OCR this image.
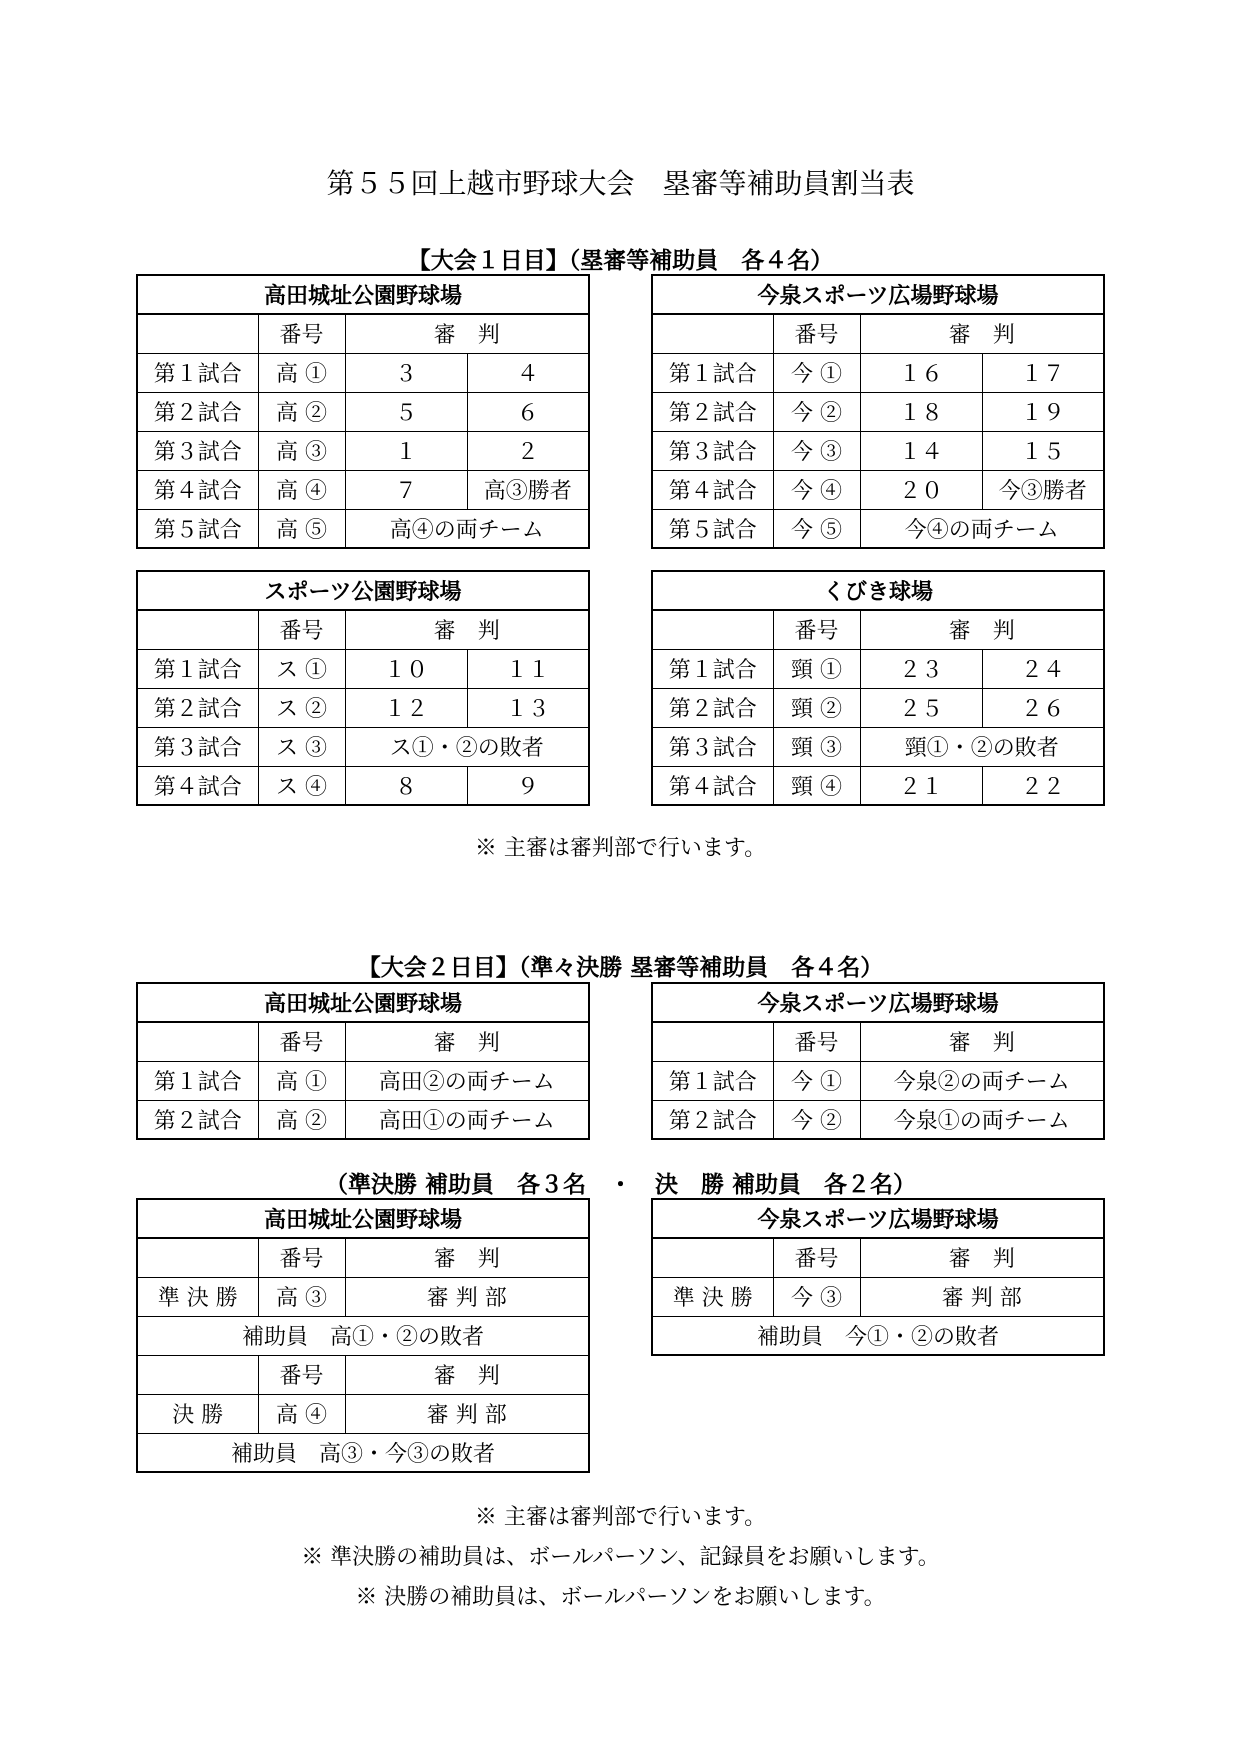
第５５回上越市野球大会　塁審等補助員割当表
【大会１日目】（塁審等補助員　各４名）
高田城址公園野球場			
	番号	審　判	
第１試合	高 ①	３	４
第２試合	高 ②	５	６
第３試合	高 ③	１	２
第４試合	高 ④	７	高③勝者
第５試合	高 ⑤	高④の両チーム	
今泉スポーツ広場野球場			
	番号	審　判	
第１試合	今 ①	１６	１７
第２試合	今 ②	１８	１９
第３試合	今 ③	１４	１５
第４試合	今 ④	２０	今③勝者
第５試合	今 ⑤	今④の両チーム	
スポーツ公園野球場			
	番号	審　判	
第１試合	ス ①	１０	１１
第２試合	ス ②	１２	１３
第３試合	ス ③	ス①・②の敗者	
第４試合	ス ④	８	９
くびき球場			
	番号	審　判	
第１試合	頸 ①	２３	２４
第２試合	頸 ②	２５	２６
第３試合	頸 ③	頸①・②の敗者	
第４試合	頸 ④	２１	２２
※ 主審は審判部で行います。
【大会２日目】（準々決勝 塁審等補助員　各４名）
高田城址公園野球場		
	番号	審　判
第１試合	高 ①	高田②の両チーム
第２試合	高 ②	高田①の両チーム
今泉スポーツ広場野球場		
	番号	審　判
第１試合	今 ①	今泉②の両チーム
第２試合	今 ②	今泉①の両チーム
（準決勝 補助員　各３名　・　決　勝 補助員　各２名）
高田城址公園野球場		
	番号	審　判
準 決 勝	高 ③	審 判 部
補助員　高①・②の敗者		
	番号	審　判
決 勝	高 ④	審 判 部
補助員　高③・今③の敗者		
今泉スポーツ広場野球場		
	番号	審　判
準 決 勝	今 ③	審 判 部
補助員　今①・②の敗者		
※ 主審は審判部で行います。
※ 準決勝の補助員は、ボールパーソン、記録員をお願いします。
※ 決勝の補助員は、ボールパーソンをお願いします。
